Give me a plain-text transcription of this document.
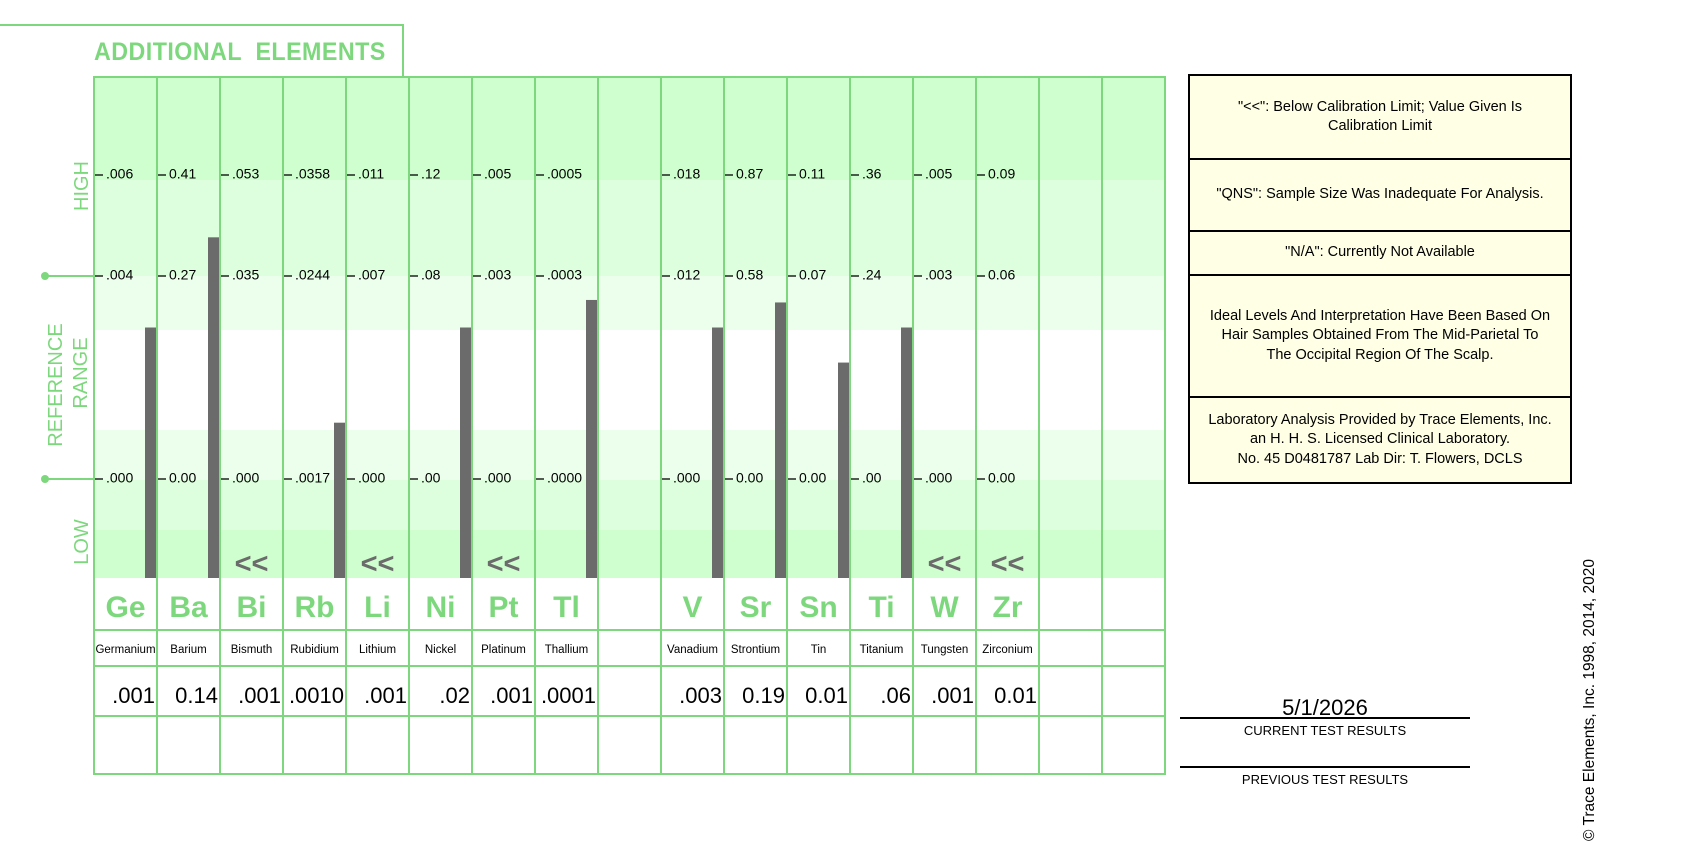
ADDITIONAL  ELEMENTS
HIGH
REFERENCE RANGE
LOW
.006
.004
.000
Ge
Germanium
.001
0.41
0.27
0.00
Ba
Barium
0.14
.053
.035
.000
<<
Bi
Bismuth
.001
.0358
.0244
.0017
Rb
Rubidium
.0010
.011
.007
.000
<<
Li
Lithium
.001
.12
.08
.00
Ni
Nickel
.02
.005
.003
.000
<<
Pt
Platinum
.001
.0005
.0003
.0000
Tl
Thallium
.0001
.018
.012
.000
V
Vanadium
.003
0.87
0.58
0.00
Sr
Strontium
0.19
0.11
0.07
0.00
Sn
Tin
0.01
.36
.24
.00
Ti
Titanium
.06
.005
.003
.000
<<
W
Tungsten
.001
0.09
0.06
0.00
<<
Zr
Zirconium
0.01
"<<": Below Calibration Limit; Value Given Is Calibration Limit
"QNS": Sample Size Was Inadequate For Analysis.
"N/A": Currently Not Available
Ideal Levels And Interpretation Have Been Based On Hair Samples Obtained From The Mid-Parietal To The Occipital Region Of The Scalp.
Laboratory Analysis Provided by Trace Elements, Inc.
an H. H. S. Licensed Clinical Laboratory.
No. 45 D0481787 Lab Dir: T. Flowers, DCLS
5/1/2026
CURRENT TEST RESULTS
PREVIOUS TEST RESULTS	© Trace Elements, Inc. 1998, 2014, 2020
